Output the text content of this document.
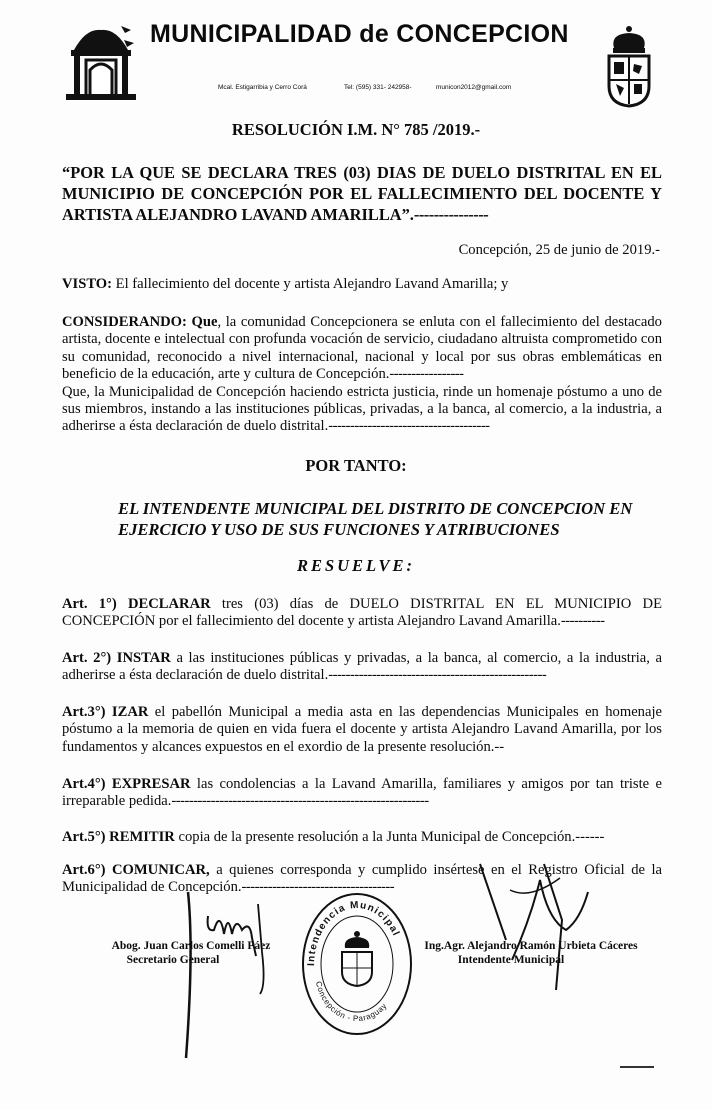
MUNICIPALIDAD de CONCEPCION
Mcal. Estigarribia y Cerro Corá	Tel: (595) 331- 242958-	municon2012@gmail.com
RESOLUCIÓN I.M. N° 785 /2019.-
“POR LA QUE SE DECLARA TRES (03) DIAS DE DUELO DISTRITAL EN EL MUNICIPIO DE CONCEPCIÓN POR EL FALLECIMIENTO DEL DOCENTE Y ARTISTA ALEJANDRO LAVAND AMARILLA”.---------------
Concepción, 25 de junio de 2019.-
VISTO: El fallecimiento del docente y artista Alejandro Lavand Amarilla; y
CONSIDERANDO: Que, la comunidad Concepcionera se enluta con el fallecimiento del destacado artista, docente e intelectual con profunda vocación de servicio, ciudadano altruista comprometido con su comunidad, reconocido a nivel internacional, nacional y local por sus obras emblemáticas en beneficio de la educación, arte y cultura de Concepción.-----------------
Que, la Municipalidad de Concepción haciendo estricta justicia, rinde un homenaje póstumo a uno de sus miembros, instando a las instituciones públicas, privadas, a la banca, al comercio, a la industria, a adherirse a ésta declaración de duelo distrital.-------------------------------------
POR TANTO:
EL INTENDENTE MUNICIPAL DEL DISTRITO DE CONCEPCION EN EJERCICIO Y USO DE SUS FUNCIONES Y ATRIBUCIONES
RESUELVE:
Art. 1°) DECLARAR tres (03) días de DUELO DISTRITAL EN EL MUNICIPIO DE CONCEPCIÓN por el fallecimiento del docente y artista Alejandro Lavand Amarilla.----------
Art. 2°) INSTAR a las instituciones públicas y privadas, a la banca, al comercio, a la industria, a adherirse a ésta declaración de duelo distrital.--------------------------------------------------
Art.3°) IZAR el pabellón Municipal a media asta en las dependencias Municipales en homenaje póstumo a la memoria de quien en vida fuera el docente y artista Alejandro Lavand Amarilla, por los fundamentos y alcances expuestos en el exordio de la presente resolución.--
Art.4°) EXPRESAR las condolencias a la Lavand Amarilla, familiares y amigos por tan triste e irreparable pedida.-----------------------------------------------------------
Art.5°) REMITIR copia de la presente resolución a la Junta Municipal de Concepción.------
Art.6°) COMUNICAR, a quienes corresponda y cumplido insértese en el Registro Oficial de la Municipalidad de Concepción.-----------------------------------
Intendencia Municipal
Concepción - Paraguay
Abog. Juan Carlos Comelli Páez
Secretario General
Ing.Agr. Alejandro Ramón Urbieta Cáceres
Intendente Municipal
